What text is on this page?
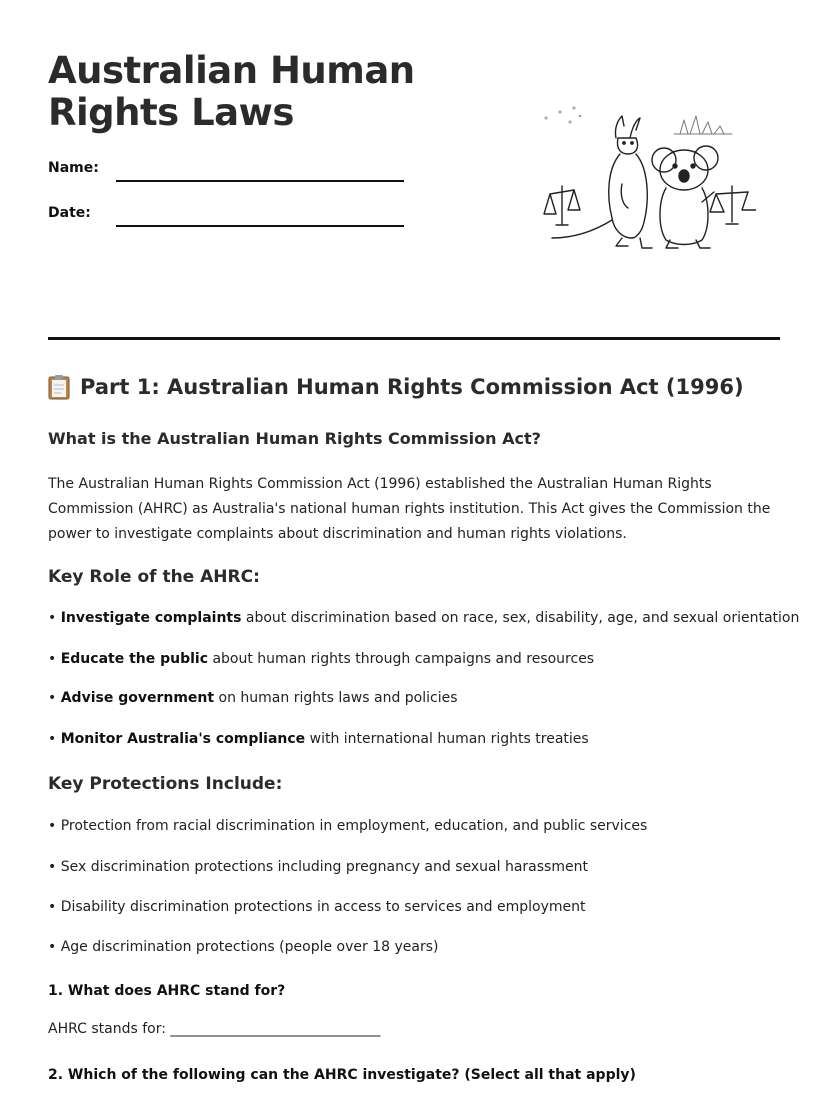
Australian Human
Rights Laws
Name:
Date:
Part 1: Australian Human Rights Commission Act (1996)
What is the Australian Human Rights Commission Act?

The Australian Human Rights Commission Act (1996) established the Australian Human Rights Commission (AHRC) as Australia's national human rights institution. This Act gives the Commission the power to investigate complaints about discrimination and human rights violations.

Key Role of the AHRC:

• Investigate complaints about discrimination based on race, sex, disability, age, and sexual orientation

• Educate the public about human rights through campaigns and resources

• Advise government on human rights laws and policies

• Monitor Australia's compliance with international human rights treaties

Key Protections Include:

• Protection from racial discrimination in employment, education, and public services

• Sex discrimination protections including pregnancy and sexual harassment

• Disability discrimination protections in access to services and employment

• Age discrimination protections (people over 18 years)

1. What does AHRC stand for?

AHRC stands for: ______________________________

2. Which of the following can the AHRC investigate? (Select all that apply)
